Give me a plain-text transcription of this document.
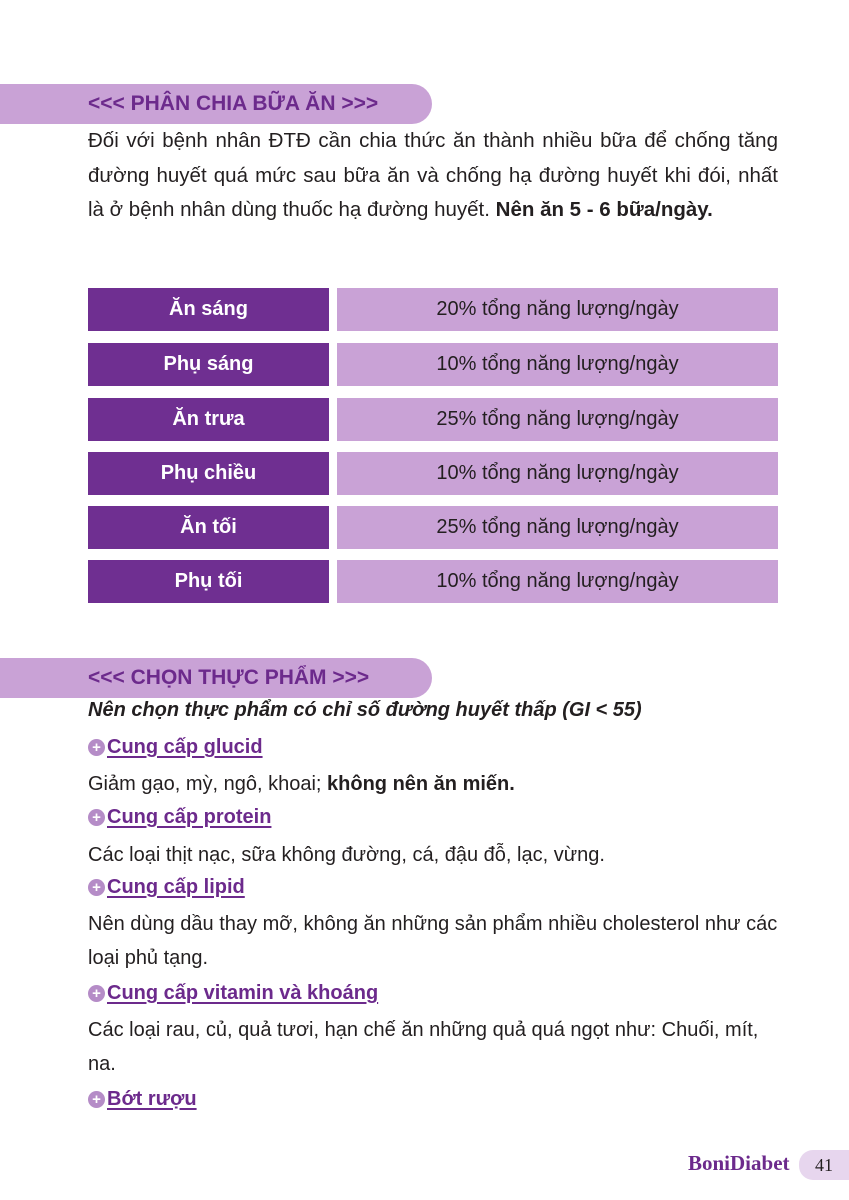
<<< PHÂN CHIA BỮA ĂN >>>
Đối với bệnh nhân ĐTĐ cần chia thức ăn thành nhiều bữa để chống tăng đường huyết quá mức sau bữa ăn và chống hạ đường huyết khi đói, nhất là ở bệnh nhân dùng thuốc hạ đường huyết. Nên ăn 5 - 6 bữa/ngày.
Ăn sáng	20% tổng năng lượng/ngày
Phụ sáng	10% tổng năng lượng/ngày
Ăn trưa	25% tổng năng lượng/ngày
Phụ chiều	10% tổng năng lượng/ngày
Ăn tối	25% tổng năng lượng/ngày
Phụ tối	10% tổng năng lượng/ngày
<<< CHỌN THỰC PHẨM >>>
Nên chọn thực phẩm có chỉ số đường huyết thấp (GI < 55)
+ Cung cấp glucid
Giảm gạo, mỳ, ngô, khoai; không nên ăn miến.
+ Cung cấp protein
Các loại thịt nạc, sữa không đường, cá, đậu đỗ, lạc, vừng.
+ Cung cấp lipid
Nên dùng dầu thay mỡ, không ăn những sản phẩm nhiều cholesterol như các loại phủ tạng.
+ Cung cấp vitamin và khoáng
Các loại rau, củ, quả tươi, hạn chế ăn những quả quá ngọt như: Chuối, mít, na.
+ Bớt rượu
BoniDiabet	41
